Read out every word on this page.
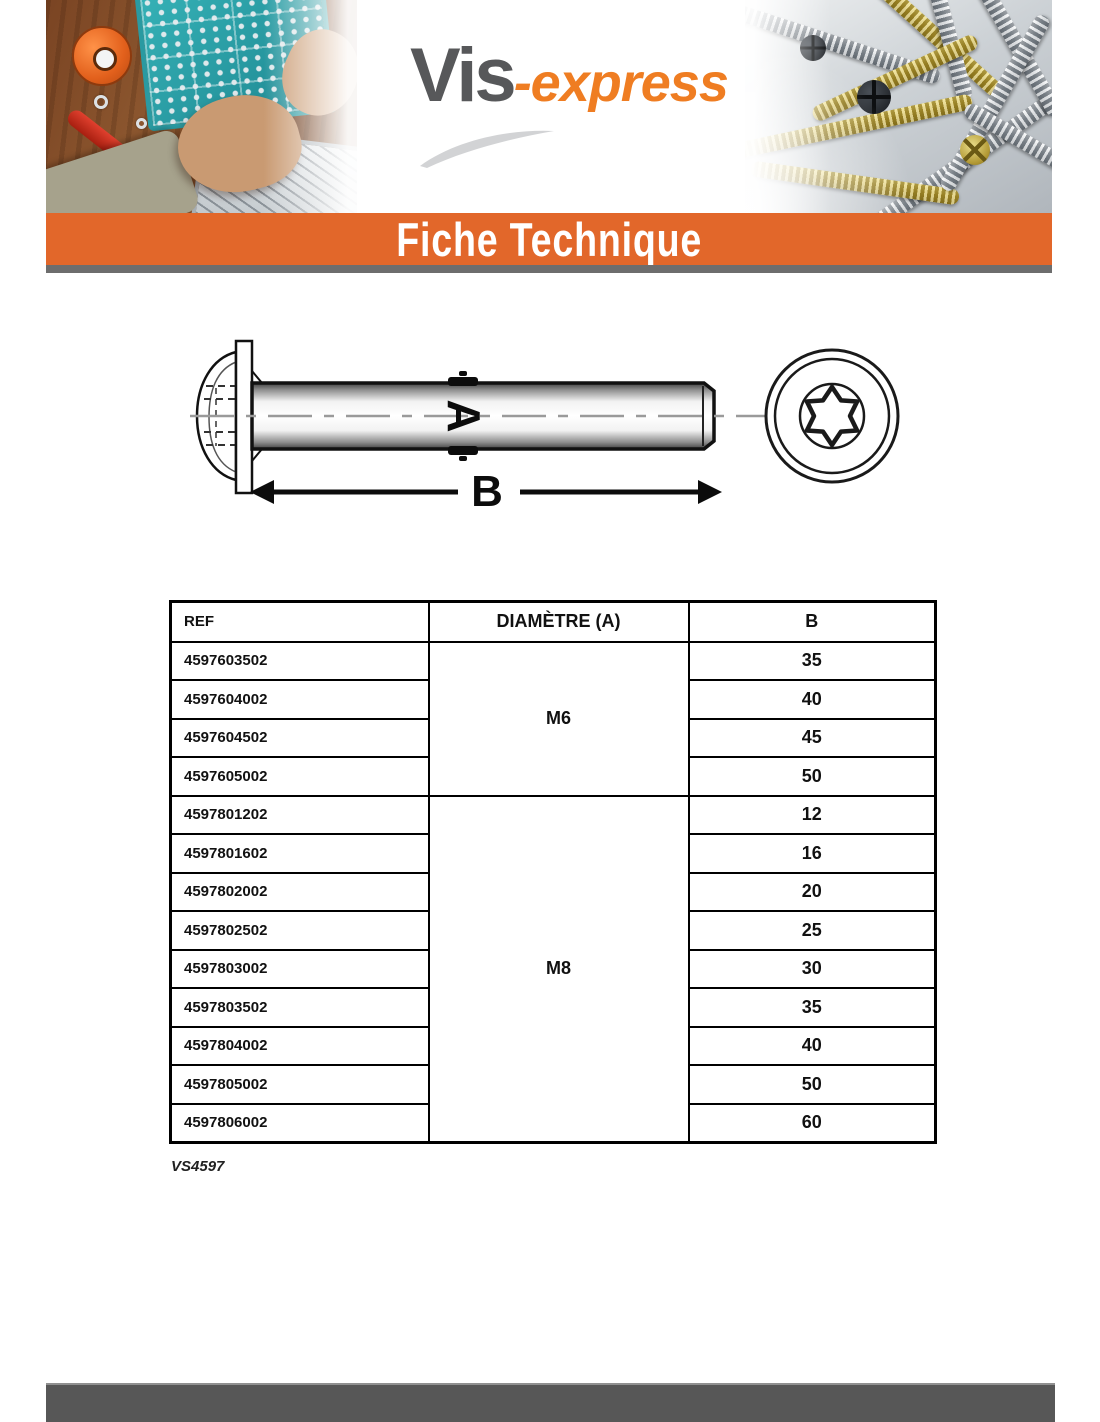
Vis-express
Fiche Technique
A
B
REF	DIAMÈTRE (A)	B
4597603502	M6	35
4597604002		40
4597604502		45
4597605002		50
4597801202	M8	12
4597801602		16
4597802002		20
4597802502		25
4597803002		30
4597803502		35
4597804002		40
4597805002		50
4597806002		60
VS4597
